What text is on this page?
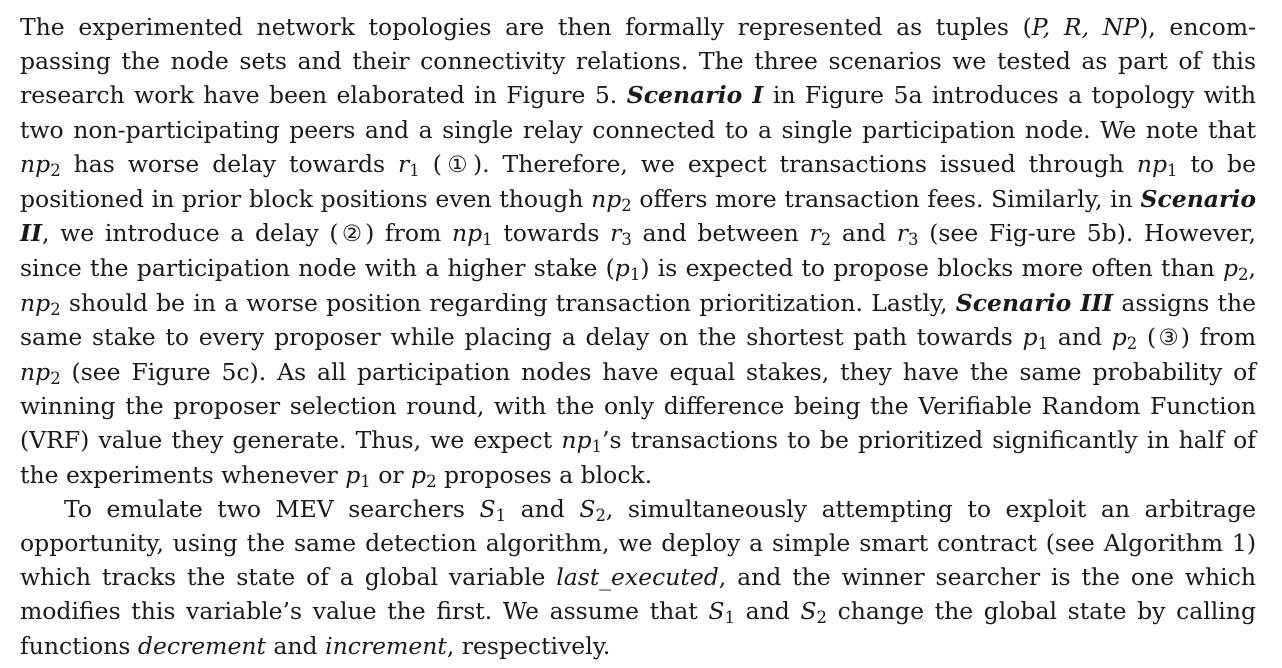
The experimented network topologies are then formally represented as tuples (P, R, NP), encom-passing the node sets and their connectivity relations. The three scenarios we tested as part of this research work have been elaborated in Figure 5. Scenario I in Figure 5a introduces a topology with two non-participating peers and a single relay connected to a single participation node. We note that $np_2$ has worse delay towards $r_1$ (①). Therefore, we expect transactions issued through $np_1$ to be positioned in prior block positions even though $np_2$ offers more transaction fees. Similarly, in Scenario II, we introduce a delay (②) from $np_1$ towards $r_3$ and between $r_2$ and $r_3$ (see Fig-ure 5b). However, since the participation node with a higher stake $(p_1)$ is expected to propose blocks more often than $p_2$, $np_2$ should be in a worse position regarding transaction prioritization. Lastly, Scenario III assigns the same stake to every proposer while placing a delay on the shortest path towards $p_1$ and $p_2$ (③) from $np_2$ (see Figure 5c). As all participation nodes have equal stakes, they have the same probability of winning the proposer selection round, with the only difference being the Verifiable Random Function (VRF) value they generate. Thus, we expect $np_1’s$ transactions to be prioritized significantly in half of the experiments whenever $p_1$ or $p_2$ proposes a block.

To emulate two MEV searchers $S_1$ and $S_2$, simultaneously attempting to exploit an arbitrage opportunity, using the same detection algorithm, we deploy a simple smart contract (see Algorithm 1) which tracks the state of a global variable last_executed, and the winner searcher is the one which modifies this variable’s value the first. We assume that $S_1$ and $S_2$ change the global state by calling functions decrement and increment, respectively.
